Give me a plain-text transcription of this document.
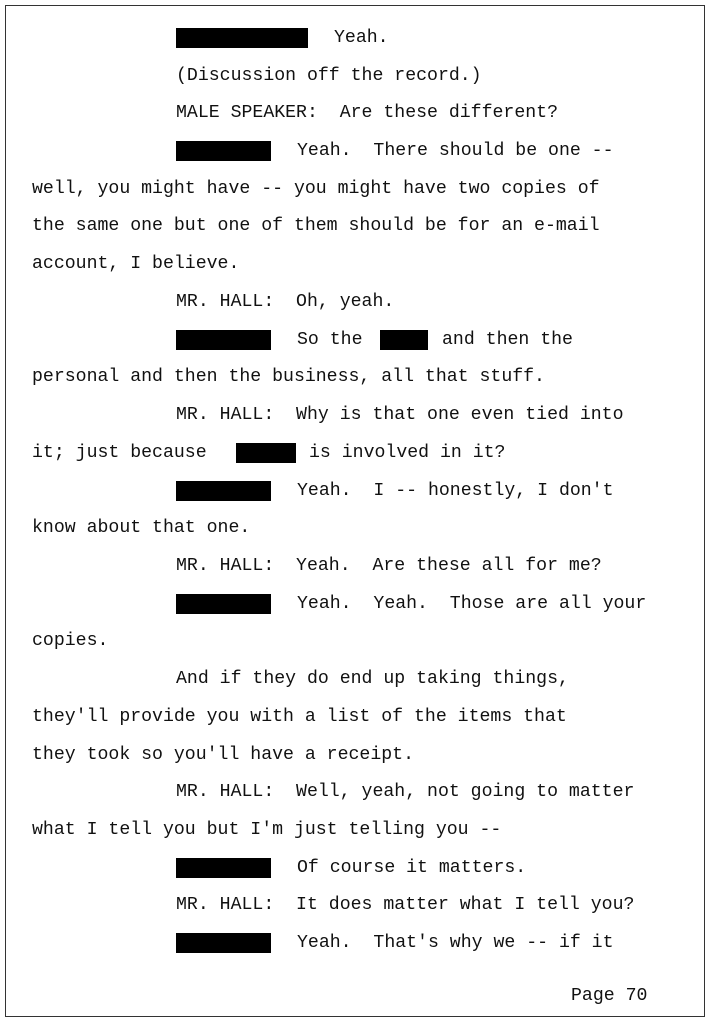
Yeah.

(Discussion off the record.)

MALE SPEAKER:  Are these different?

Yeah.  There should be one --

well, you might have -- you might have two copies of

the same one but one of them should be for an e-mail

account, I believe.

MR. HALL:  Oh, yeah.

So the

	and then the

personal and then the business, all that stuff.

MR. HALL:  Why is that one even tied into

it; just because

	is involved in it?

Yeah.  I -- honestly, I don't

know about that one.

MR. HALL:  Yeah.  Are these all for me?

Yeah.  Yeah.  Those are all your

copies.

And if they do end up taking things,

they'll provide you with a list of the items that

they took so you'll have a receipt.

MR. HALL:  Well, yeah, not going to matter

what I tell you but I'm just telling you --

Of course it matters.

MR. HALL:  It does matter what I tell you?

Yeah.  That's why we -- if it

Page 70
